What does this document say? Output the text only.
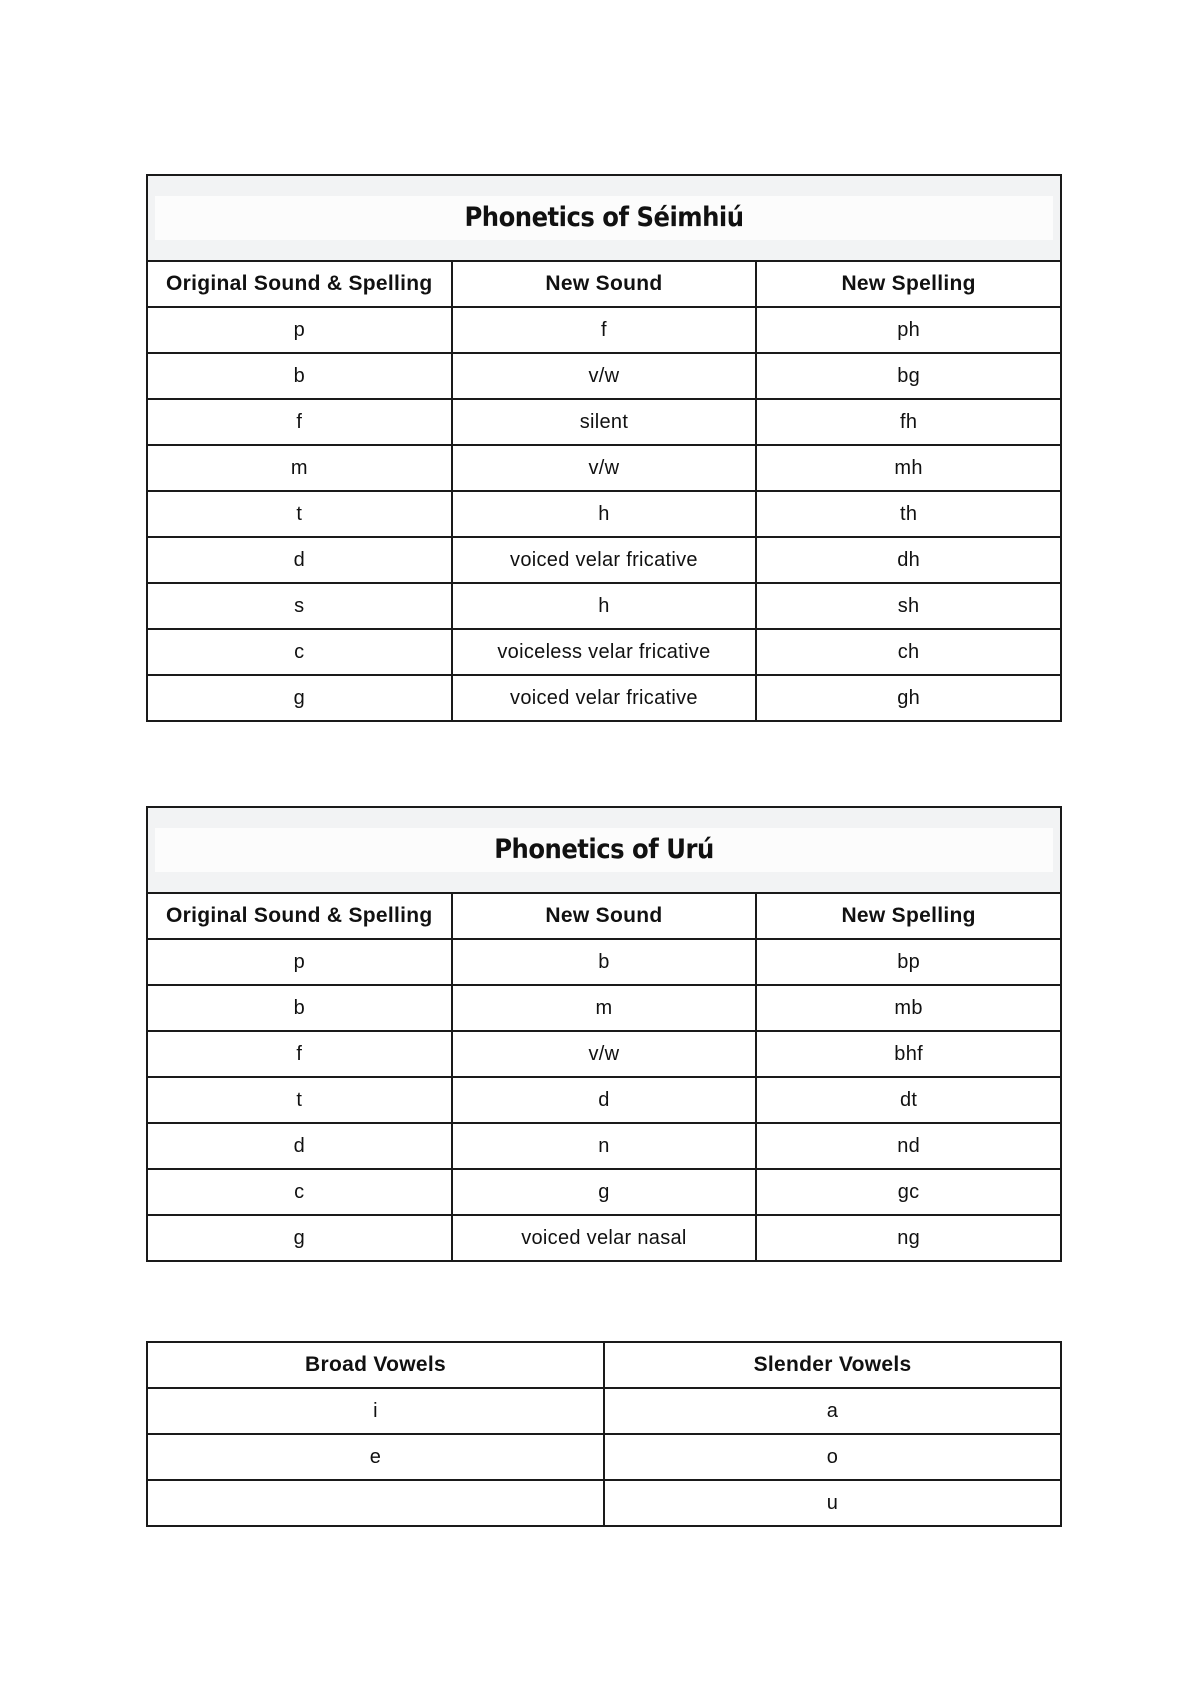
Phonetics of Séimhiú		

Original Sound & Spelling	New Sound	New Spelling
p	f	ph
b	v/w	bg
f	silent	fh
m	v/w	mh
t	h	th
d	voiced velar fricative	dh
s	h	sh
c	voiceless velar fricative	ch
g	voiced velar fricative	gh
Phonetics of Urú		

Original Sound & Spelling	New Sound	New Spelling
p	b	bp
b	m	mb
f	v/w	bhf
t	d	dt
d	n	nd
c	g	gc
g	voiced velar nasal	ng
Broad Vowels	Slender Vowels
i	a
e	o
	u
